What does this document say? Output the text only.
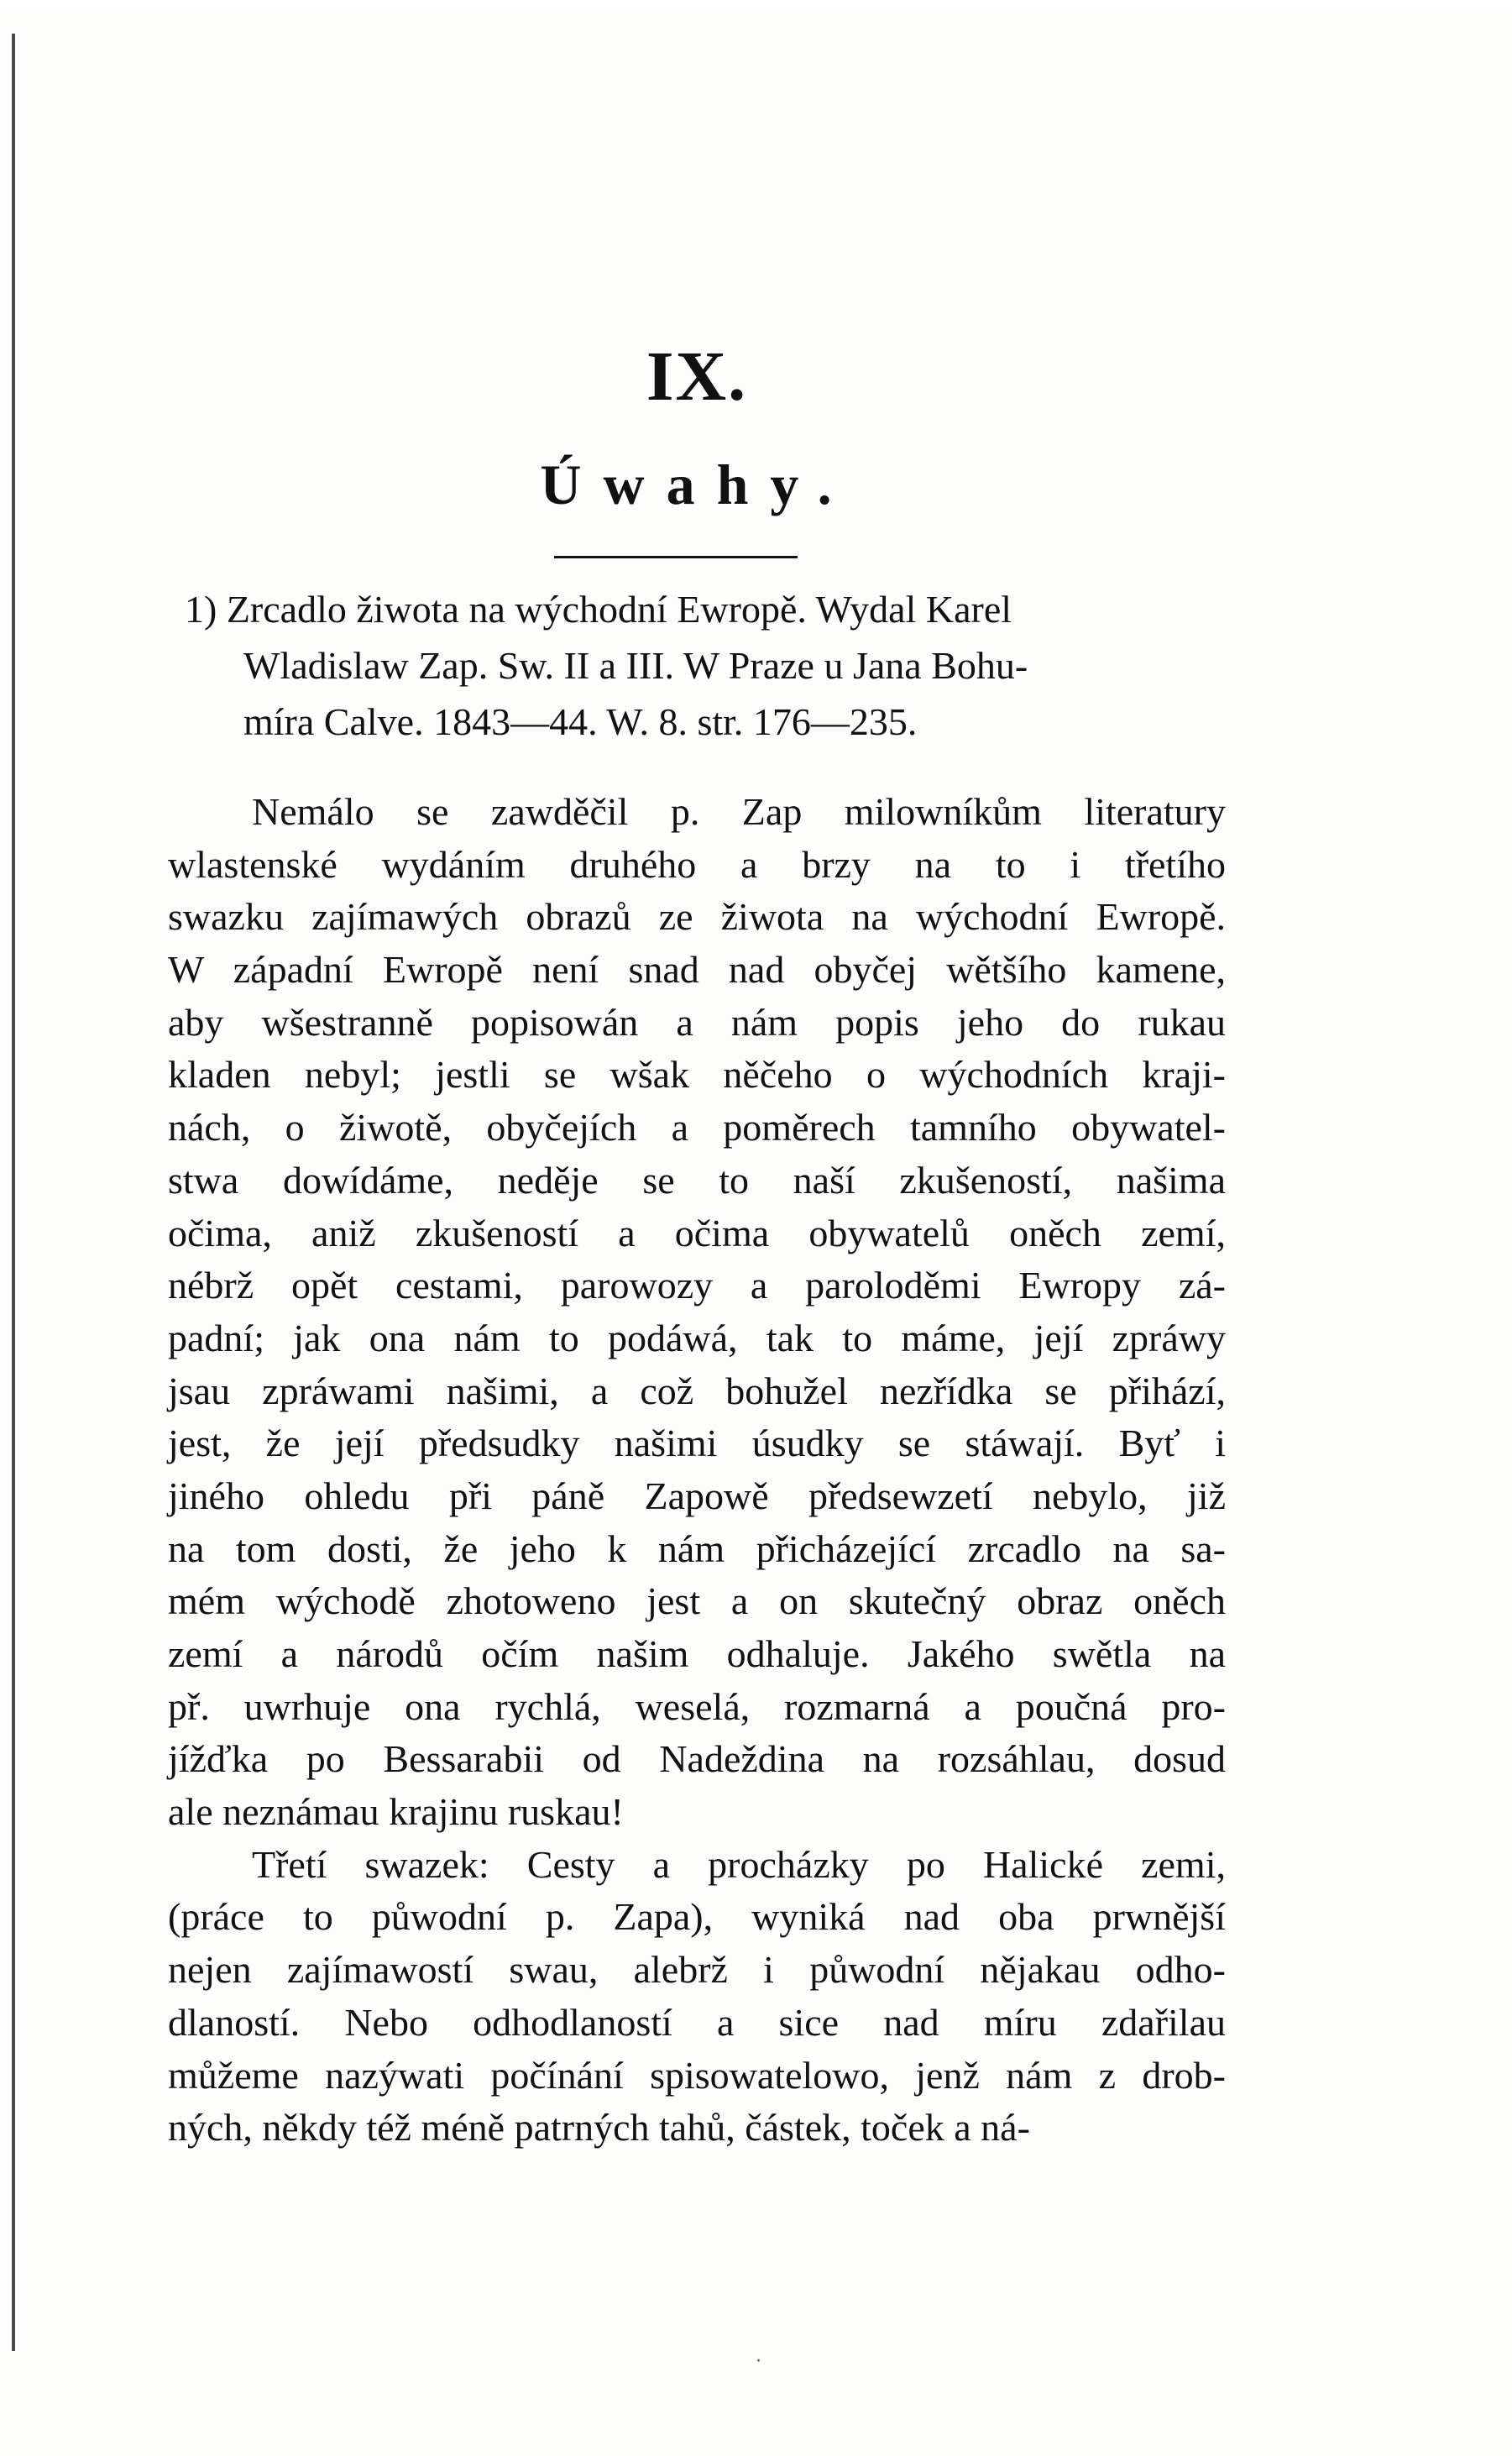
IX.
Úwahy.
1) Zrcadlo žiwota na wýchodní Ewropě. Wydal Karel
Wladislaw Zap. Sw. II a III. W Praze u Jana Bohu-
míra Calve. 1843—44. W. 8. str. 176—235.
Nemálo se zawděčil p. Zap milowníkům literatury
wlastenské wydáním druhého a brzy na to i třetího
swazku zajímawých obrazů ze žiwota na wýchodní Ewropě.
W západní Ewropě není snad nad obyčej wětšího kamene,
aby wšestranně popisowán a nám popis jeho do rukau
kladen nebyl; jestli se wšak něčeho o wýchodních kraji-
nách, o žiwotě, obyčejích a poměrech tamního obywatel-
stwa dowídáme, neděje se to naší zkušeností, našima
očima, aniž zkušeností a očima obywatelů oněch zemí,
nébrž opět cestami, parowozy a paroloděmi Ewropy zá-
padní; jak ona nám to podáwá, tak to máme, její zpráwy
jsau zpráwami našimi, a což bohužel nezřídka se přihází,
jest, že její předsudky našimi úsudky se stáwají. Byť i
jiného ohledu při páně Zapowě předsewzetí nebylo, již
na tom dosti, že jeho k nám přicházející zrcadlo na sa-
mém wýchodě zhotoweno jest a on skutečný obraz oněch
zemí a národů očím našim odhaluje. Jakého swětla na
př. uwrhuje ona rychlá, weselá, rozmarná a poučná pro-
jížďka po Bessarabii od Nadeždina na rozsáhlau, dosud
ale neznámau krajinu ruskau!
Třetí swazek: Cesty a procházky po Halické zemi,
(práce to půwodní p. Zapa), wyniká nad oba prwnější
nejen zajímawostí swau, alebrž i půwodní nějakau odho-
dlaností. Nebo odhodlaností a sice nad míru zdařilau
můžeme nazýwati počínání spisowatelowo, jenž nám z drob-
ných, někdy též méně patrných tahů, částek, toček a ná-
·
